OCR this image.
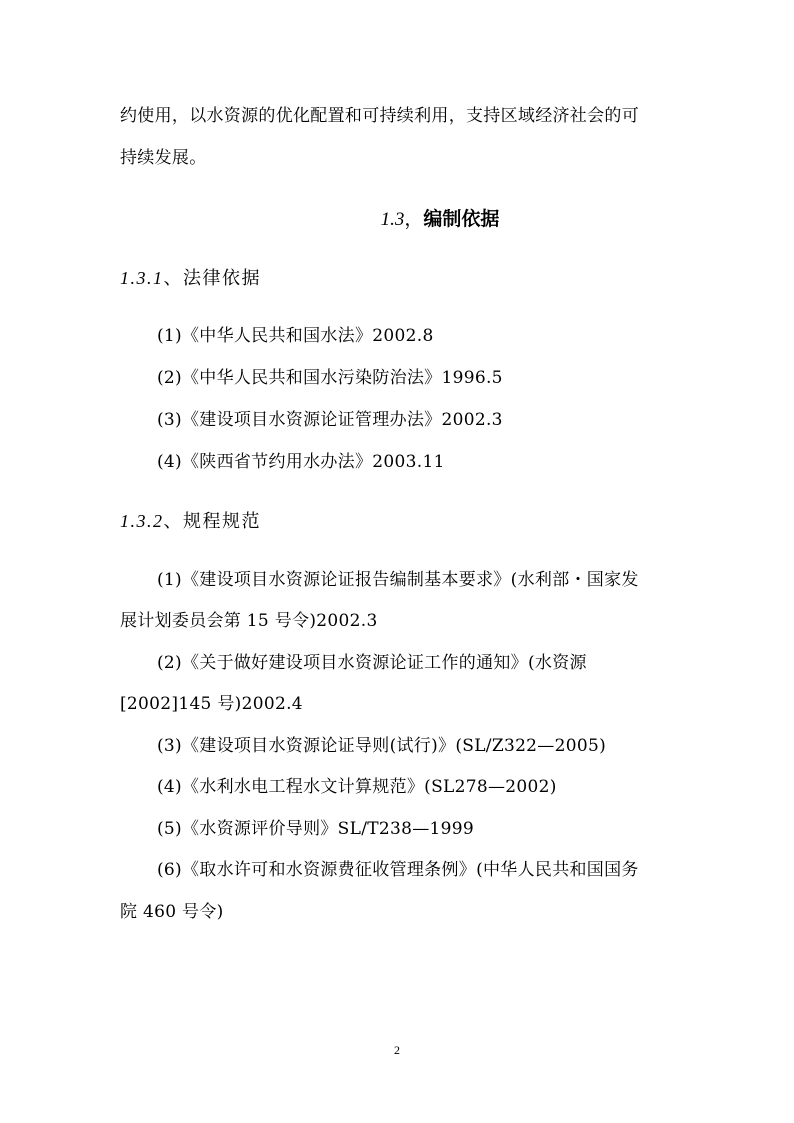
约使用，以水资源的优化配置和可持续利用，支持区域经济社会的可
持续发展。
1.3，编制依据
1.3.1、法律依据
(1)《中华人民共和国水法》2002.8
(2)《中华人民共和国水污染防治法》1996.5
(3)《建设项目水资源论证管理办法》2002.3
(4)《陕西省节约用水办法》2003.11
1.3.2、规程规范
(1)《建设项目水资源论证报告编制基本要求》(水利部・国家发
展计划委员会第 15 号令)2002.3
(2)《关于做好建设项目水资源论证工作的通知》(水资源
[2002]145 号)2002.4
(3)《建设项目水资源论证导则(试行)》(SL/Z322—2005)
(4)《水利水电工程水文计算规范》(SL278—2002)
(5)《水资源评价导则》SL/T238—1999
(6)《取水许可和水资源费征收管理条例》(中华人民共和国国务
院 460 号令)
2
